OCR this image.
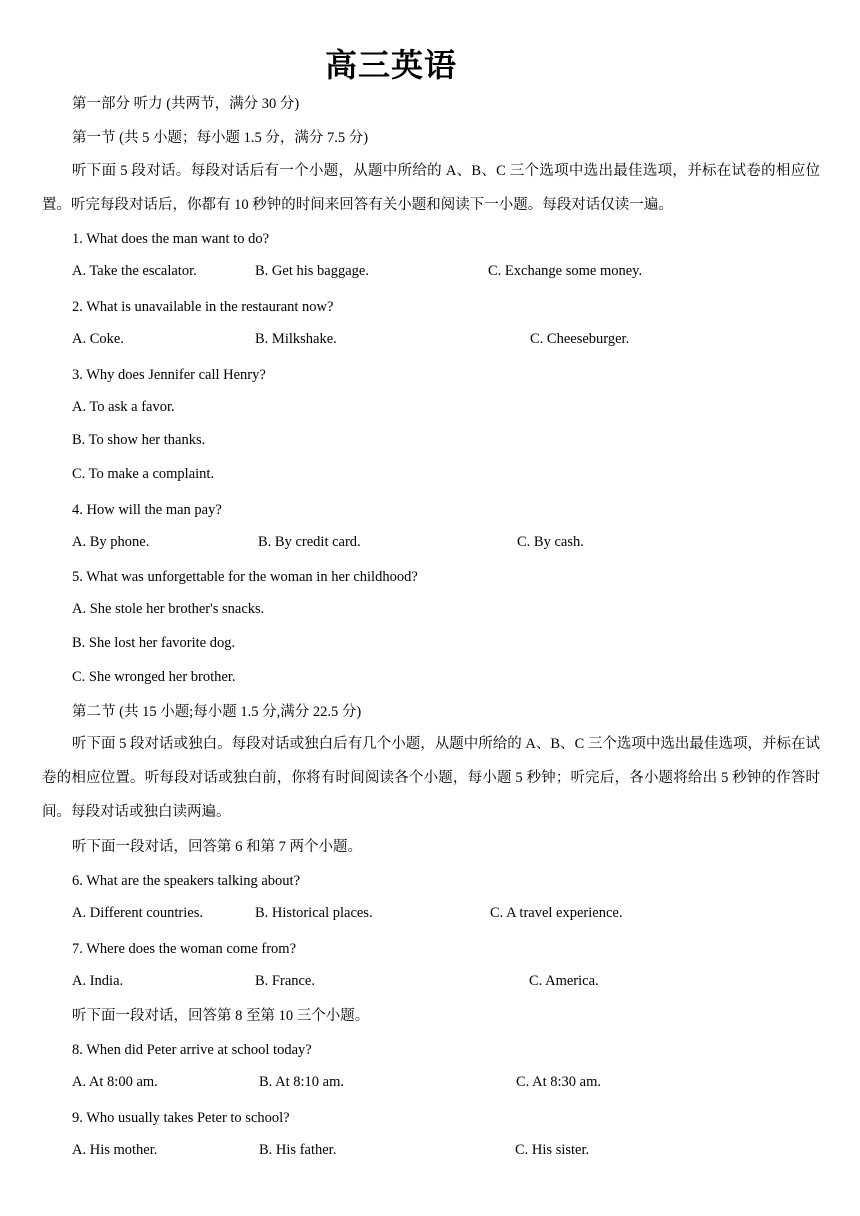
高三英语
第一部分 听力 (共两节，满分 30 分)
第一节 (共 5 小题；每小题 1.5 分，满分 7.5 分)
听下面 5 段对话。每段对话后有一个小题，从题中所给的 A、B、C 三个选项中选出最佳选项，并标在试卷的相应位置。听完每段对话后，你都有 10 秒钟的时间来回答有关小题和阅读下一小题。每段对话仅读一遍。
1. What does the man want to do?
A. Take the escalator.	B. Get his baggage.	C. Exchange some money.
2. What is unavailable in the restaurant now?
A. Coke.	B. Milkshake.	C. Cheeseburger.
3. Why does Jennifer call Henry?
A. To ask a favor.
B. To show her thanks.
C. To make a complaint.
4. How will the man pay?
A. By phone.	B. By credit card.	C. By cash.
5. What was unforgettable for the woman in her childhood?
A. She stole her brother's snacks.
B. She lost her favorite dog.
C. She wronged her brother.
第二节 (共 15 小题;每小题 1.5 分,满分 22.5 分)
听下面 5 段对话或独白。每段对话或独白后有几个小题，从题中所给的 A、B、C 三个选项中选出最佳选项，并标在试卷的相应位置。听每段对话或独白前，你将有时间阅读各个小题，每小题 5 秒钟；听完后，各小题将给出 5 秒钟的作答时间。每段对话或独白读两遍。
听下面一段对话，回答第 6 和第 7 两个小题。
6. What are the speakers talking about?
A. Different countries.	B. Historical places.	C. A travel experience.
7. Where does the woman come from?
A. India.	B. France.	C. America.
听下面一段对话，回答第 8 至第 10 三个小题。
8. When did Peter arrive at school today?
A. At 8:00 am.	B. At 8:10 am.	C. At 8:30 am.
9. Who usually takes Peter to school?
A. His mother.	B. His father.	C. His sister.
